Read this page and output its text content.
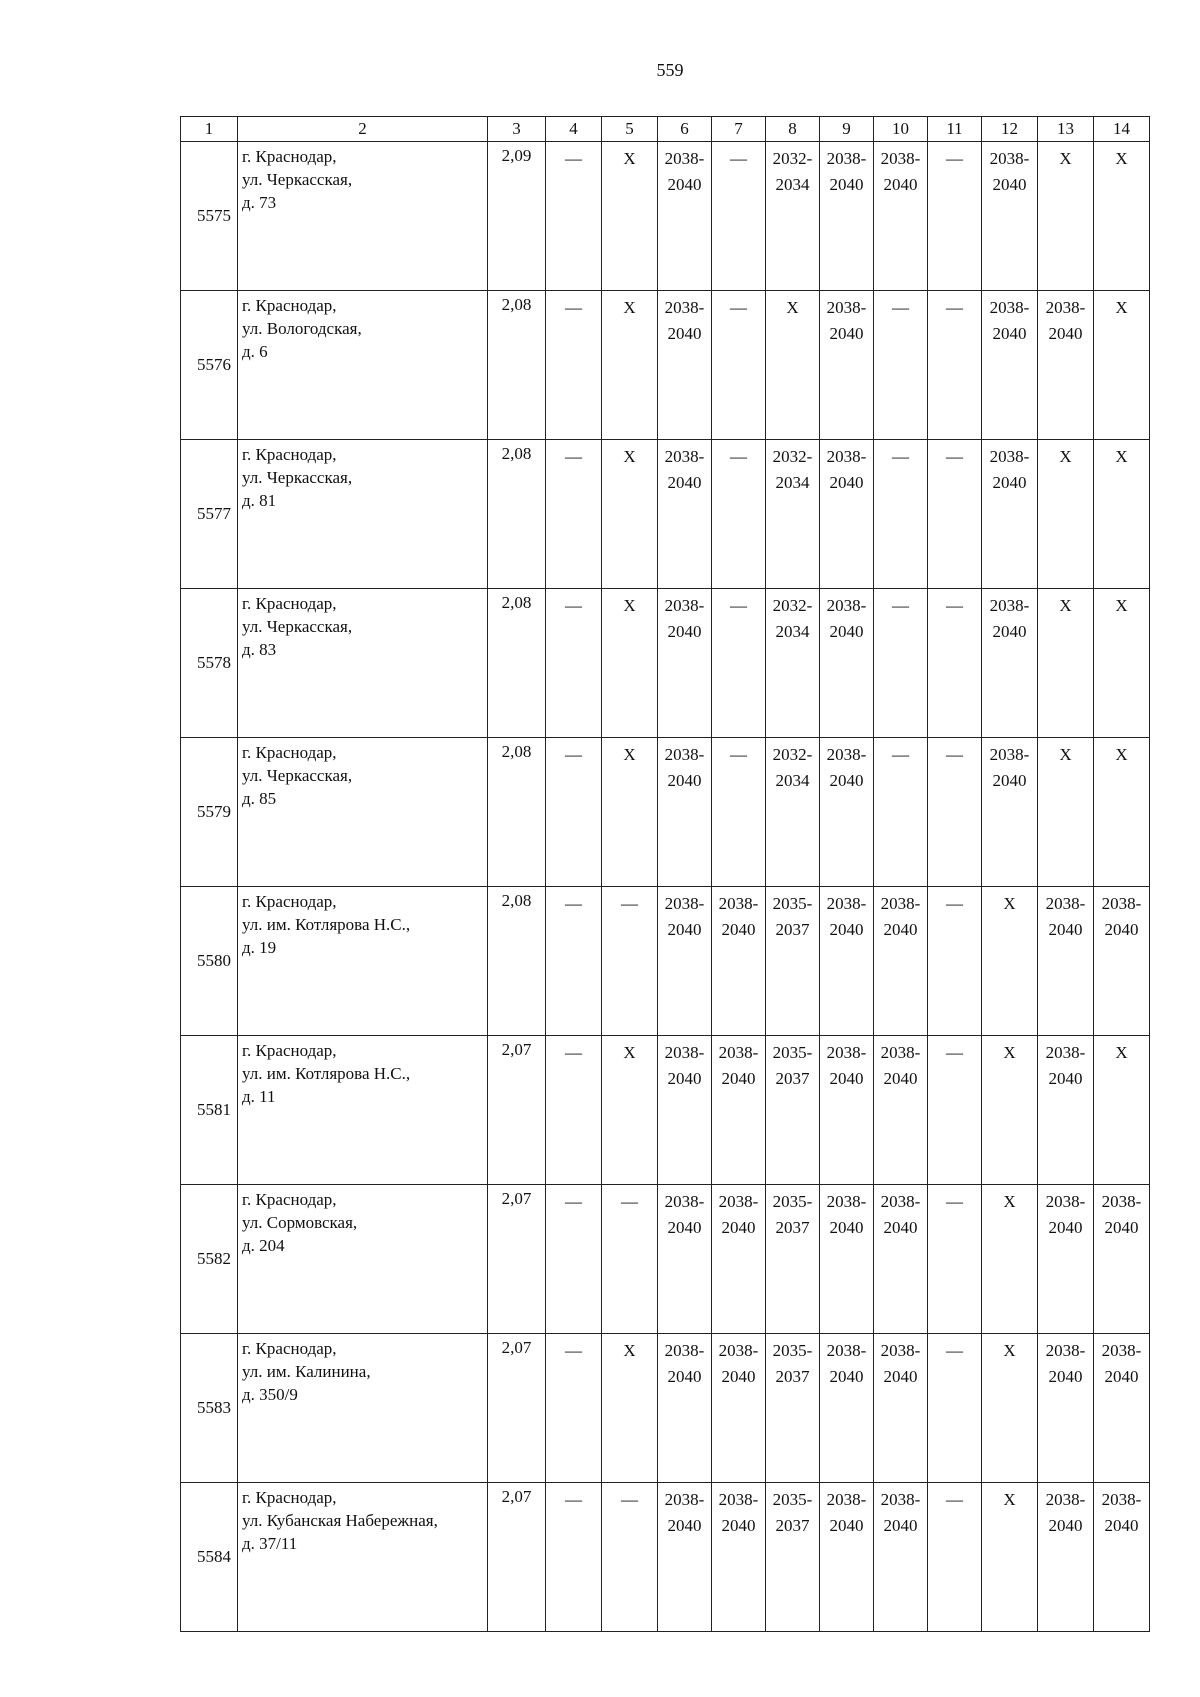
559
1	2	3	4	5	6	7	8	9	10	11	12	13	14
5575	г. Краснодар,
ул. Черкасская,
д. 73	2,09	—	Х	2038-
2040	—	2032-
2034	2038-
2040	2038-
2040	—	2038-
2040	Х	Х

5576	г. Краснодар,
ул. Вологодская,
д. 6	2,08	—	Х	2038-
2040	—	Х	2038-
2040	—	—	2038-
2040	2038-
2040	Х

5577	г. Краснодар,
ул. Черкасская,
д. 81	2,08	—	Х	2038-
2040	—	2032-
2034	2038-
2040	—	—	2038-
2040	Х	Х

5578	г. Краснодар,
ул. Черкасская,
д. 83	2,08	—	Х	2038-
2040	—	2032-
2034	2038-
2040	—	—	2038-
2040	Х	Х

5579	г. Краснодар,
ул. Черкасская,
д. 85	2,08	—	Х	2038-
2040	—	2032-
2034	2038-
2040	—	—	2038-
2040	Х	Х

5580	г. Краснодар,
ул. им. Котлярова Н.С.,
д. 19	2,08	—	—	2038-
2040	2038-
2040	2035-
2037	2038-
2040	2038-
2040	—	Х	2038-
2040	2038-
2040

5581	г. Краснодар,
ул. им. Котлярова Н.С.,
д. 11	2,07	—	Х	2038-
2040	2038-
2040	2035-
2037	2038-
2040	2038-
2040	—	Х	2038-
2040	Х

5582	г. Краснодар,
ул. Сормовская,
д. 204	2,07	—	—	2038-
2040	2038-
2040	2035-
2037	2038-
2040	2038-
2040	—	Х	2038-
2040	2038-
2040

5583	г. Краснодар,
ул. им. Калинина,
д. 350/9	2,07	—	Х	2038-
2040	2038-
2040	2035-
2037	2038-
2040	2038-
2040	—	Х	2038-
2040	2038-
2040

5584	г. Краснодар,
ул. Кубанская Набережная,
д. 37/11	2,07	—	—	2038-
2040	2038-
2040	2035-
2037	2038-
2040	2038-
2040	—	Х	2038-
2040	2038-
2040
